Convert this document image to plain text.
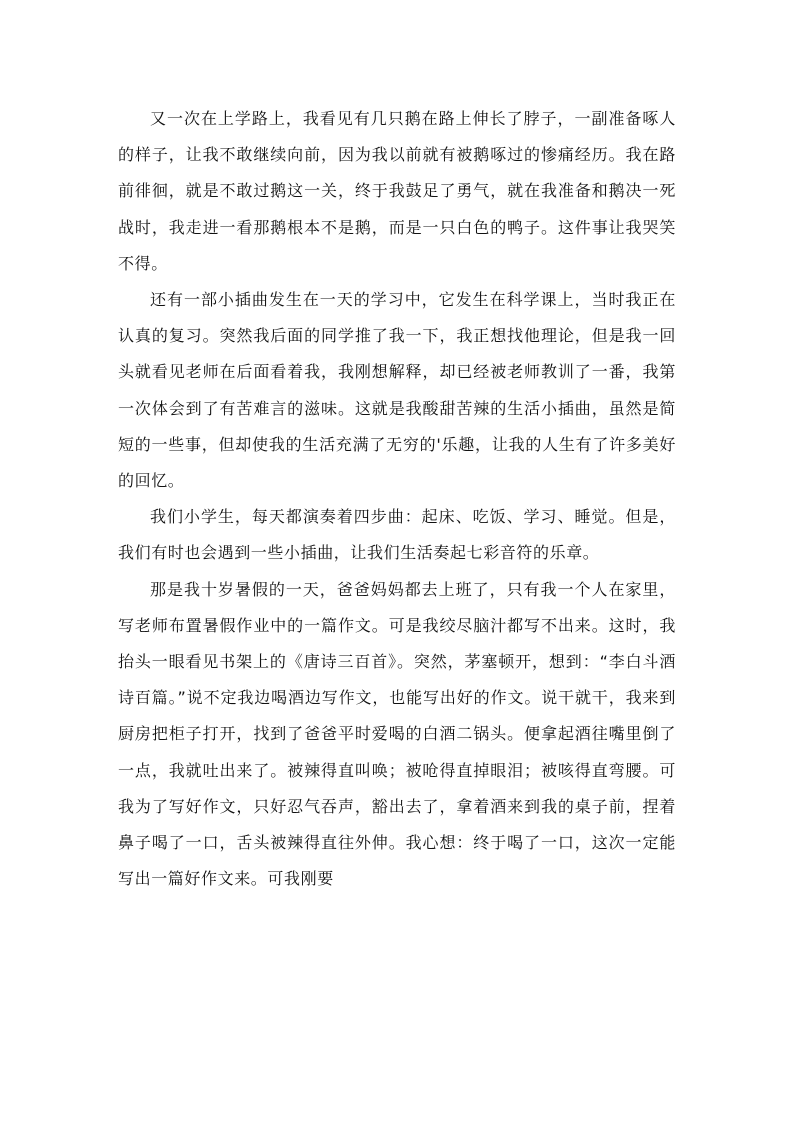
又一次在上学路上，我看见有几只鹅在路上伸长了脖子，一副准备啄人的样子，让我不敢继续向前，因为我以前就有被鹅啄过的惨痛经历。我在路前徘徊，就是不敢过鹅这一关，终于我鼓足了勇气，就在我准备和鹅决一死战时，我走进一看那鹅根本不是鹅，而是一只白色的鸭子。这件事让我哭笑不得。

还有一部小插曲发生在一天的学习中，它发生在科学课上，当时我正在认真的复习。突然我后面的同学推了我一下，我正想找他理论，但是我一回头就看见老师在后面看着我，我刚想解释，却已经被老师教训了一番，我第一次体会到了有苦难言的滋味。这就是我酸甜苦辣的生活小插曲，虽然是简短的一些事，但却使我的生活充满了无穷的'乐趣，让我的人生有了许多美好的回忆。

我们小学生，每天都演奏着四步曲：起床、吃饭、学习、睡觉。但是，我们有时也会遇到一些小插曲，让我们生活奏起七彩音符的乐章。

那是我十岁暑假的一天，爸爸妈妈都去上班了，只有我一个人在家里，写老师布置暑假作业中的一篇作文。可是我绞尽脑汁都写不出来。这时，我抬头一眼看见书架上的《唐诗三百首》。突然，茅塞顿开，想到：“李白斗酒诗百篇。”说不定我边喝酒边写作文，也能写出好的作文。说干就干，我来到厨房把柜子打开，找到了爸爸平时爱喝的白酒二锅头。便拿起酒往嘴里倒了一点，我就吐出来了。被辣得直叫唤；被呛得直掉眼泪；被咳得直弯腰。可我为了写好作文，只好忍气吞声，豁出去了，拿着酒来到我的桌子前，捏着鼻子喝了一口，舌头被辣得直往外伸。我心想：终于喝了一口，这次一定能写出一篇好作文来。可我刚要
